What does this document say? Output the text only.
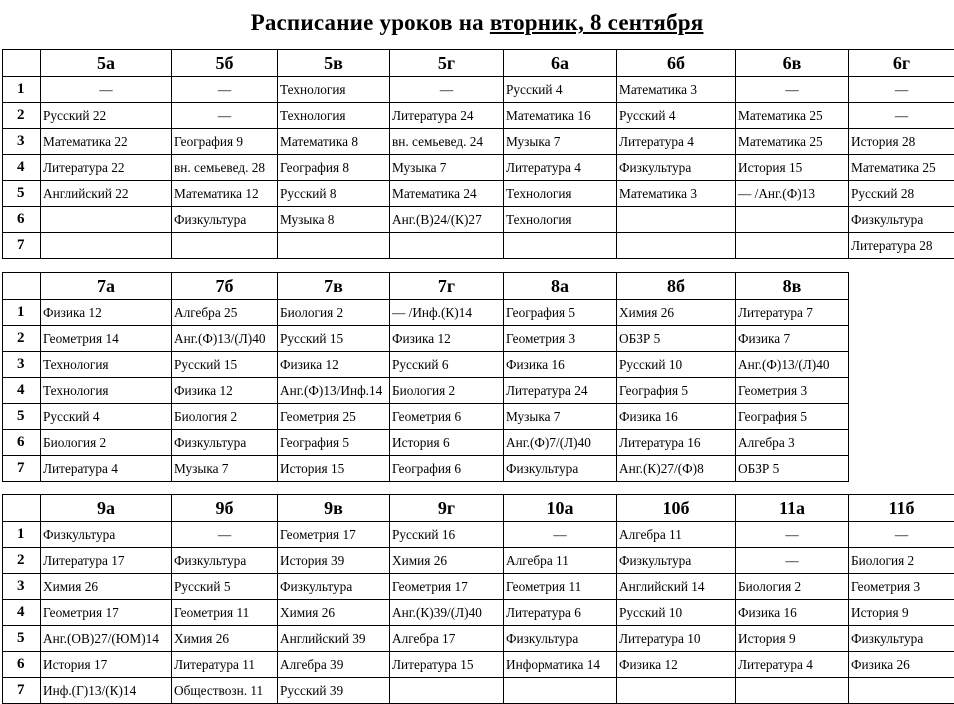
Расписание уроков на вторник, 8 сентября
	5а	5б	5в	5г	6а	6б	6в	6г
1	—	—	Технология	—	Русский 4	Математика 3	—	—
2	Русский 22	—	Технология	Литература 24	Математика 16	Русский 4	Математика 25	—
3	Математика 22	География 9	Математика 8	вн. семьевед. 24	Музыка 7	Литература 4	Математика 25	История 28
4	Литература 22	вн. семьевед. 28	География 8	Музыка 7	Литература 4	Физкультура	История 15	Математика 25
5	Английский 22	Математика 12	Русский 8	Математика 24	Технология	Математика 3	— /Анг.(Ф)13	Русский 28
6		Физкультура	Музыка 8	Анг.(В)24/(К)27	Технология			Физкультура
7								Литература 28
	7а	7б	7в	7г	8а	8б	8в
1	Физика 12	Алгебра 25	Биология 2	— /Инф.(К)14	География 5	Химия 26	Литература 7
2	Геометрия 14	Анг.(Ф)13/(Л)40	Русский 15	Физика 12	Геометрия 3	ОБЗР 5	Физика 7
3	Технология	Русский 15	Физика 12	Русский 6	Физика 16	Русский 10	Анг.(Ф)13/(Л)40
4	Технология	Физика 12	Анг.(Ф)13/Инф.14	Биология 2	Литература 24	География 5	Геометрия 3
5	Русский 4	Биология 2	Геометрия 25	Геометрия 6	Музыка 7	Физика 16	География 5
6	Биология 2	Физкультура	География 5	История 6	Анг.(Ф)7/(Л)40	Литература 16	Алгебра 3
7	Литература 4	Музыка 7	История 15	География 6	Физкультура	Анг.(К)27/(Ф)8	ОБЗР 5
	9а	9б	9в	9г	10а	10б	11а	11б
1	Физкультура	—	Геометрия 17	Русский 16	—	Алгебра 11	—	—
2	Литература 17	Физкультура	История 39	Химия 26	Алгебра 11	Физкультура	—	Биология 2
3	Химия 26	Русский 5	Физкультура	Геометрия 17	Геометрия 11	Английский 14	Биология 2	Геометрия 3
4	Геометрия 17	Геометрия 11	Химия 26	Анг.(К)39/(Л)40	Литература 6	Русский 10	Физика 16	История 9
5	Анг.(ОВ)27/(ЮМ)14	Химия 26	Английский 39	Алгебра 17	Физкультура	Литература 10	История 9	Физкультура
6	История 17	Литература 11	Алгебра 39	Литература 15	Информатика 14	Физика 12	Литература 4	Физика 26
7	Инф.(Г)13/(К)14	Обществозн. 11	Русский 39					
